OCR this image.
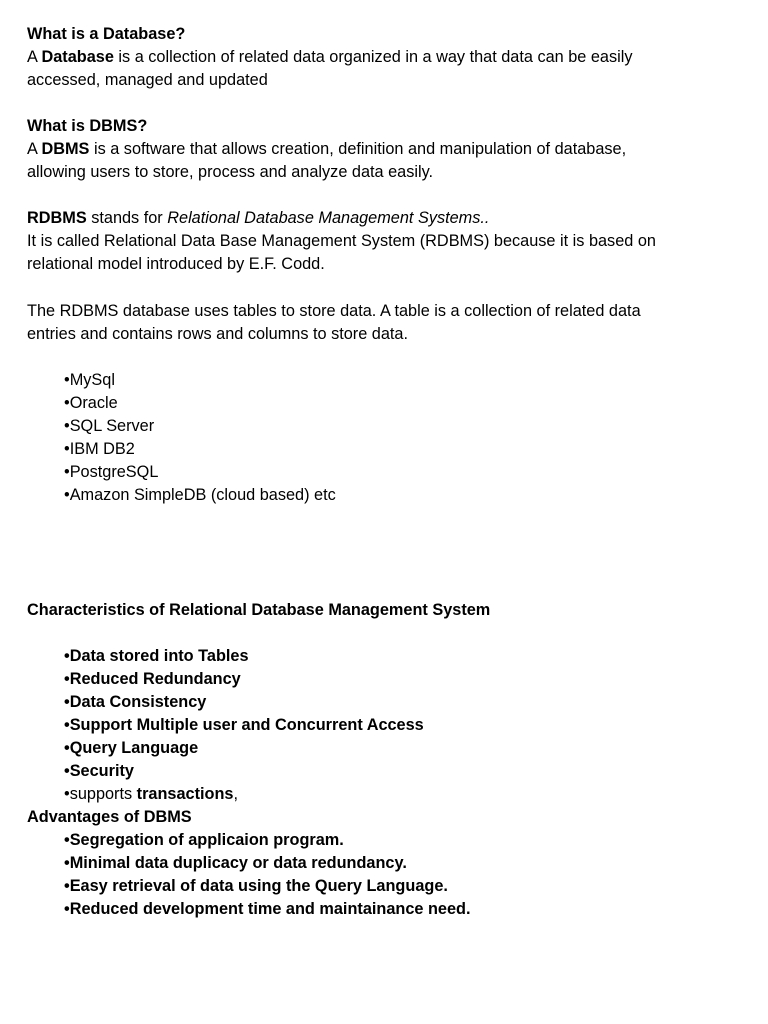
What is a Database?
A Database is a collection of related data organized in a way that data can be easily
accessed, managed and updated
What is DBMS?
A DBMS is a software that allows creation, definition and manipulation of database,
allowing users to store, process and analyze data easily.
RDBMS stands for Relational Database Management Systems..
It is called Relational Data Base Management System (RDBMS) because it is based on
relational model introduced by E.F. Codd.
The RDBMS database uses tables to store data. A table is a collection of related data
entries and contains rows and columns to store data.
•MySql
•Oracle
•SQL Server
•IBM DB2
•PostgreSQL
•Amazon SimpleDB (cloud based) etc
Characteristics of Relational Database Management System
•Data stored into Tables
•Reduced Redundancy
•Data Consistency
•Support Multiple user and Concurrent Access
•Query Language
•Security
•supports transactions,
Advantages of DBMS
•Segregation of applicaion program.
•Minimal data duplicacy or data redundancy.
•Easy retrieval of data using the Query Language.
•Reduced development time and maintainance need.
